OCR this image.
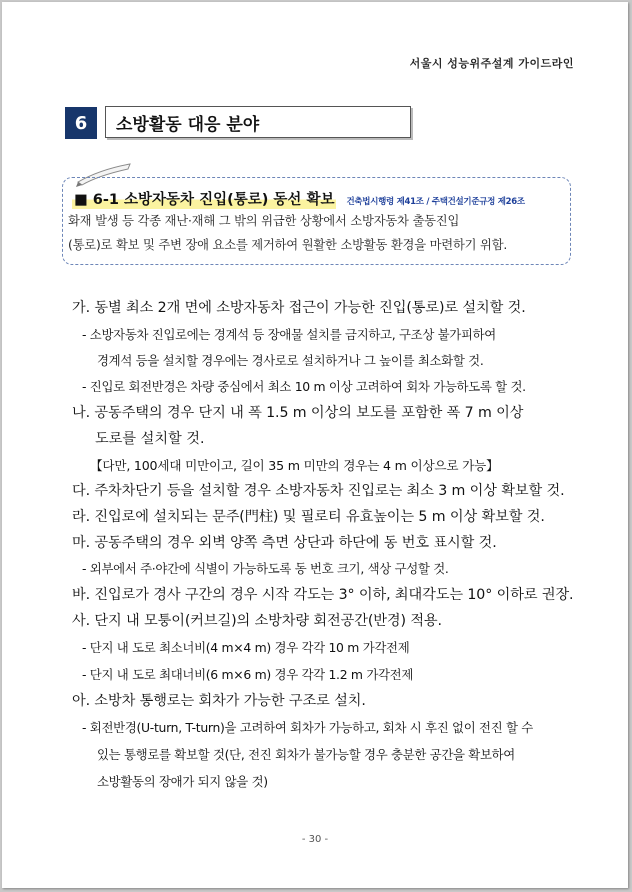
서울시 성능위주설계 가이드라인
6	소방활동 대응 분야
■ 6-1 소방자동차 진입(통로) 동선 확보 건축법시행령 제41조 / 주택건설기준규정 제26조
화재 발생 등 각종 재난·재해 그 밖의 위급한 상황에서 소방자동차 출동진입
(통로)로 확보 및 주변 장애 요소를 제거하여 원활한 소방활동 환경을 마련하기 위함.
가. 동별 최소 2개 면에 소방자동차 접근이 가능한 진입(통로)로 설치할 것.
- 소방자동차 진입로에는 경계석 등 장애물 설치를 금지하고, 구조상 불가피하여
경계석 등을 설치할 경우에는 경사로로 설치하거나 그 높이를 최소화할 것.
- 진입로 회전반경은 차량 중심에서 최소 10 m 이상 고려하여 회차 가능하도록 할 것.
나. 공동주택의 경우 단지 내 폭 1.5 m 이상의 보도를 포함한 폭 7 m 이상
도로를 설치할 것.
【다만, 100세대 미만이고, 길이 35 m 미만의 경우는 4 m 이상으로 가능】
다. 주차차단기 등을 설치할 경우 소방자동차 진입로는 최소 3 m 이상 확보할 것.
라. 진입로에 설치되는 문주(門柱) 및 필로티 유효높이는 5 m 이상 확보할 것.
마. 공동주택의 경우 외벽 양쪽 측면 상단과 하단에 동 번호 표시할 것.
- 외부에서 주·야간에 식별이 가능하도록 동 번호 크기, 색상 구성할 것.
바. 진입로가 경사 구간의 경우 시작 각도는 3° 이하, 최대각도는 10° 이하로 권장.
사. 단지 내 모퉁이(커브길)의 소방차량 회전공간(반경) 적용.
- 단지 내 도로 최소너비(4 m×4 m) 경우 각각 10 m 가각전제
- 단지 내 도로 최대너비(6 m×6 m) 경우 각각 1.2 m 가각전제
아. 소방차 통행로는 회차가 가능한 구조로 설치.
- 회전반경(U-turn, T-turn)을 고려하여 회차가 가능하고, 회차 시 후진 없이 전진 할 수
있는 통행로를 확보할 것(단, 전진 회차가 불가능할 경우 충분한 공간을 확보하여
소방활동의 장애가 되지 않을 것)
- 30 -
